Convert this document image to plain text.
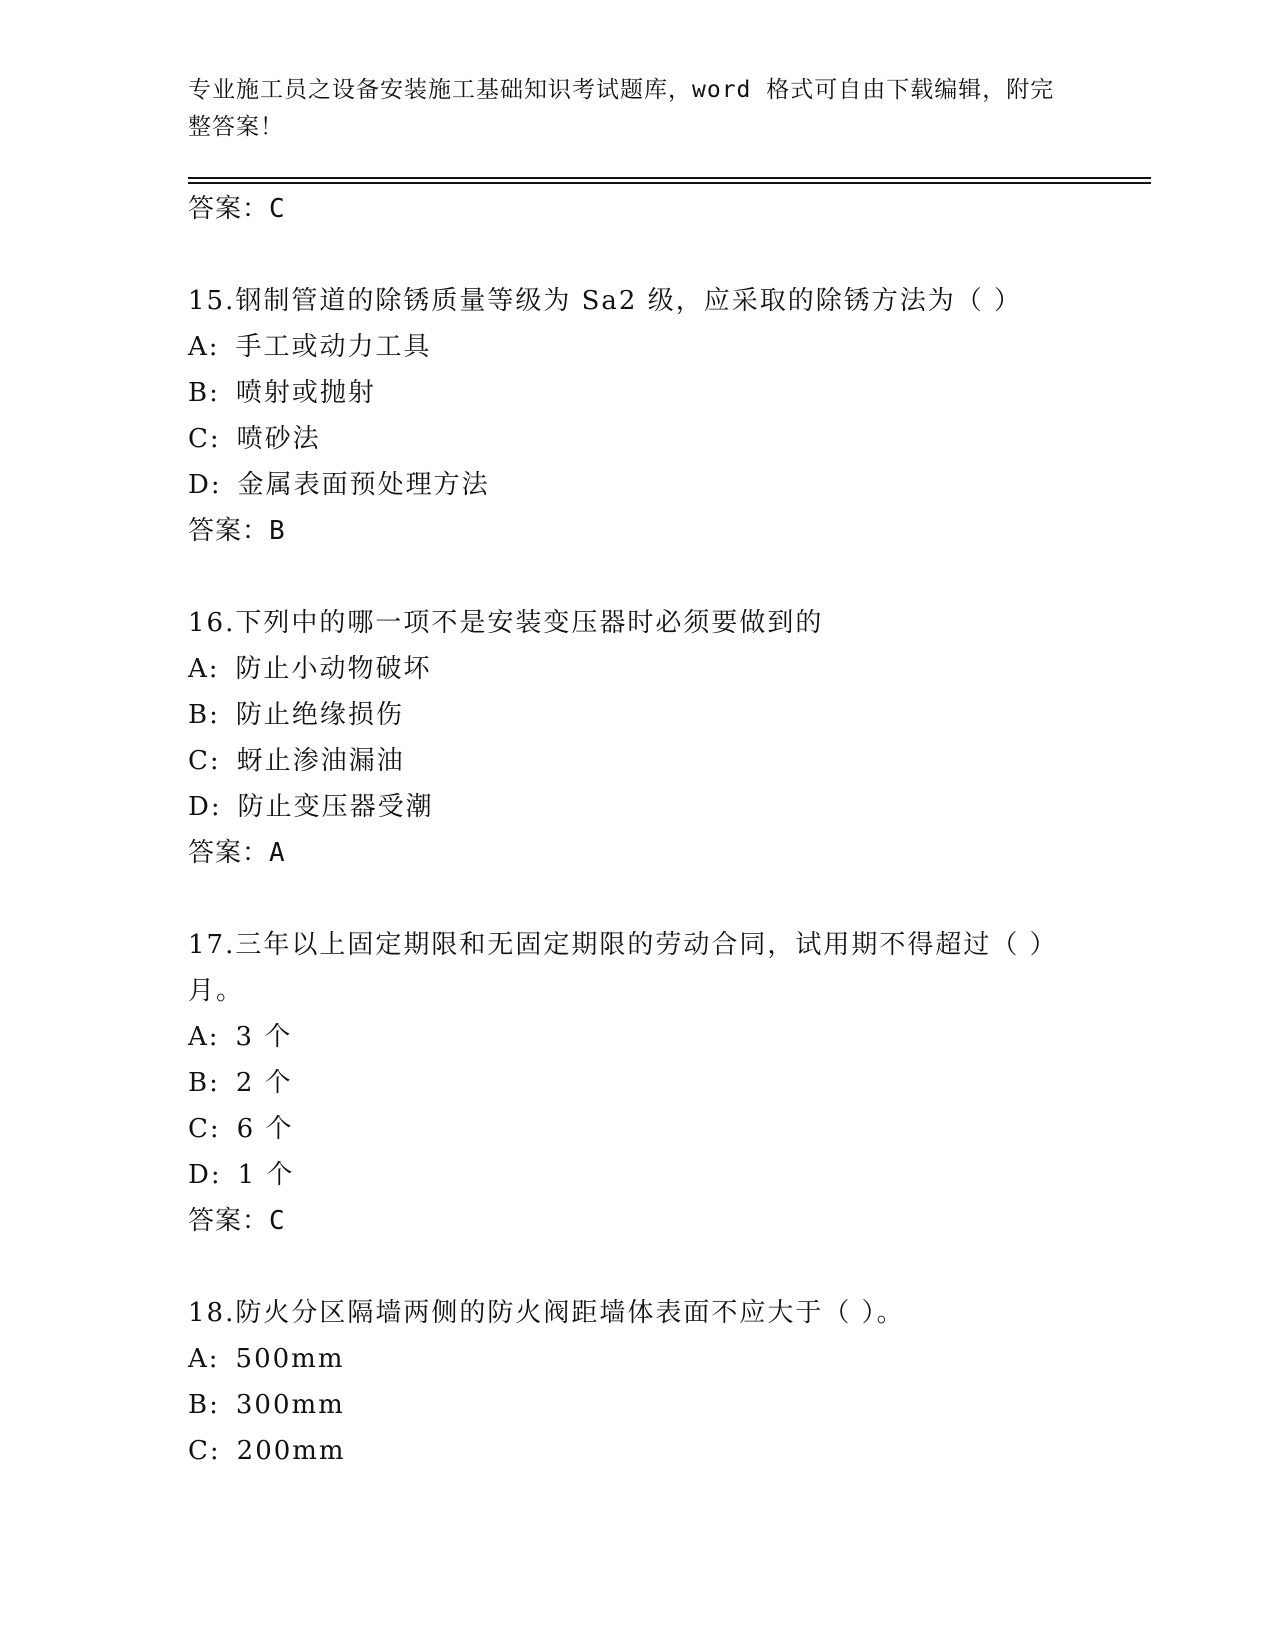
专业施工员之设备安装施工基础知识考试题库，word 格式可自由下载编辑，附完整答案！

答案：C

15.钢制管道的除锈质量等级为 Sa2 级，应采取的除锈方法为（ ）

A: 手工或动力工具

B: 喷射或抛射

C: 喷砂法

D: 金属表面预处理方法

答案：B

16.下列中的哪一项不是安装变压器时必须要做到的

A: 防止小动物破坏

B: 防止绝缘损伤

C: 蚜止渗油漏油

D: 防止变压器受潮

答案：A

17.三年以上固定期限和无固定期限的劳动合同，试用期不得超过（ ）月。

A: 3 个

B: 2 个

C: 6 个

D: 1 个

答案：C

18.防火分区隔墙两侧的防火阀距墙体表面不应大于（ ）。

A: 500mm

B: 300mm

C: 200mm
